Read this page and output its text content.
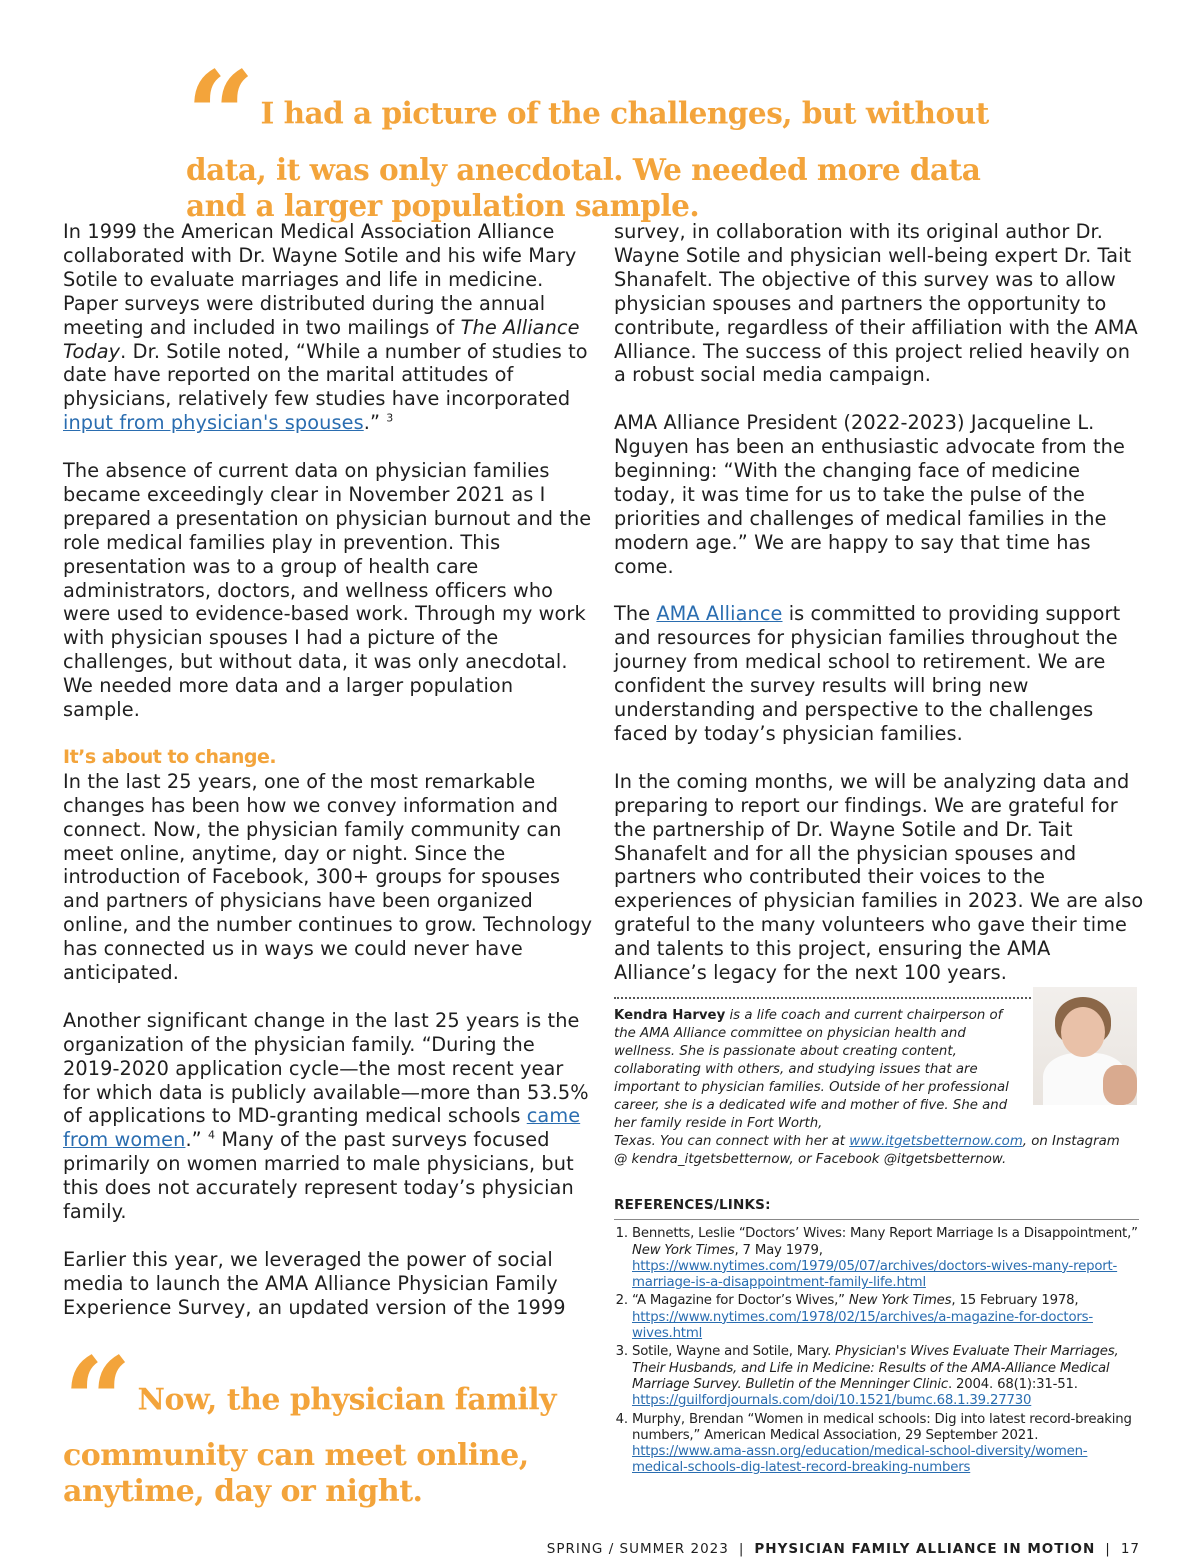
“ I had a picture of the challenges, but without data, it was only anecdotal. We needed more data and a larger population sample.

In 1999 the American Medical Association Alliance collaborated with Dr. Wayne Sotile and his wife Mary Sotile to evaluate marriages and life in medicine. Paper surveys were distributed during the annual meeting and included in two mailings of The Alliance Today. Dr. Sotile noted, “While a number of studies to date have reported on the marital attitudes of physicians, relatively few studies have incorporated input from physician's spouses.” $^3$

The absence of current data on physician families became exceedingly clear in November 2021 as I prepared a presentation on physician burnout and the role medical families play in prevention. This presentation was to a group of health care administrators, doctors, and wellness officers who were used to evidence-based work. Through my work with physician spouses I had a picture of the challenges, but without data, it was only anecdotal. We needed more data and a larger population sample.

It’s about to change.

In the last 25 years, one of the most remarkable changes has been how we convey information and connect. Now, the physician family community can meet online, anytime, day or night. Since the introduction of Facebook, 300+ groups for spouses and partners of physicians have been organized online, and the number continues to grow. Technology has connected us in ways we could never have anticipated.

Another significant change in the last 25 years is the organization of the physician family. “During the 2019-2020 application cycle—the most recent year for which data is publicly available—more than 53.5% of applications to MD-granting medical schools came from women.” $^4$ Many of the past surveys focused primarily on women married to male physicians, but this does not accurately represent today’s physician family.

Earlier this year, we leveraged the power of social media to launch the AMA Alliance Physician Family Experience Survey, an updated version of the 1999

“ Now, the physician family community can meet online, anytime, day or night.

survey, in collaboration with its original author Dr. Wayne Sotile and physician well-being expert Dr. Tait Shanafelt. The objective of this survey was to allow physician spouses and partners the opportunity to contribute, regardless of their affiliation with the AMA Alliance. The success of this project relied heavily on a robust social media campaign.

AMA Alliance President (2022-2023) Jacqueline L. Nguyen has been an enthusiastic advocate from the beginning: “With the changing face of medicine today, it was time for us to take the pulse of the priorities and challenges of medical families in the modern age.” We are happy to say that time has come.

The AMA Alliance is committed to providing support and resources for physician families throughout the journey from medical school to retirement. We are confident the survey results will bring new understanding and perspective to the challenges faced by today’s physician families.

In the coming months, we will be analyzing data and preparing to report our findings. We are grateful for the partnership of Dr. Wayne Sotile and Dr. Tait Shanafelt and for all the physician spouses and partners who contributed their voices to the experiences of physician families in 2023. We are also grateful to the many volunteers who gave their time and talents to this project, ensuring the AMA Alliance’s legacy for the next 100 years.

Kendra Harvey is a life coach and current chairperson of the AMA Alliance committee on physician health and wellness. She is passionate about creating content, collaborating with others, and studying issues that are important to physician families. Outside of her professional career, she is a dedicated wife and mother of five. She and her family reside in Fort Worth,
Texas. You can connect with her at www.itgetsbetternow.com, on Instagram @ kendra_itgetsbetternow, or Facebook @itgetsbetternow.
REFERENCES/LINKS:
1. Bennetts, Leslie “Doctors’ Wives: Many Report Marriage Is a Disappointment,” New York Times, 7 May 1979, https://www.nytimes.com/1979/05/07/archives/doctors-wives-many-report-marriage-is-a-disappointment-family-life.html
2. “A Magazine for Doctor’s Wives,” New York Times, 15 February 1978, https://www.nytimes.com/1978/02/15/archives/a-magazine-for-doctors-wives.html
3. Sotile, Wayne and Sotile, Mary. Physician's Wives Evaluate Their Marriages, Their Husbands, and Life in Medicine: Results of the AMA-Alliance Medical Marriage Survey. Bulletin of the Menninger Clinic. 2004. 68(1):31-51. https://guilfordjournals.com/doi/10.1521/bumc.68.1.39.27730
4. Murphy, Brendan “Women in medical schools: Dig into latest record-breaking numbers,” American Medical Association, 29 September 2021. https://www.ama-assn.org/education/medical-school-diversity/women-medical-schools-dig-latest-record-breaking-numbers
SPRING / SUMMER 2023 | PHYSICIAN FAMILY ALLIANCE IN MOTION | 17
